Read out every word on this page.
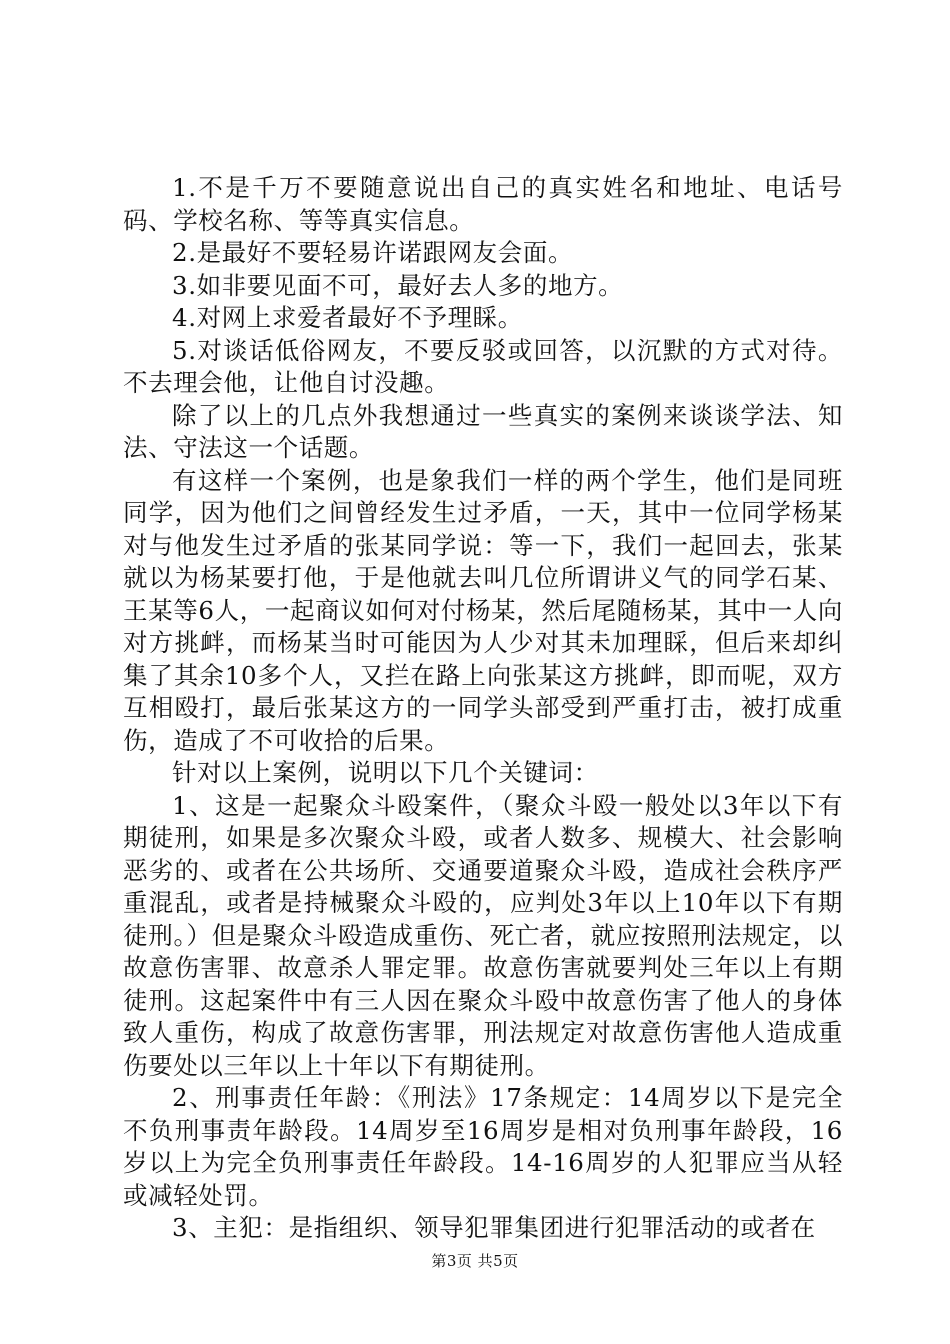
1.不是千万不要随意说出自己的真实姓名和地址、电话号码、学校名称、等等真实信息。

2.是最好不要轻易许诺跟网友会面。

3.如非要见面不可，最好去人多的地方。

4.对网上求爱者最好不予理睬。

5.对谈话低俗网友，不要反驳或回答，以沉默的方式对待。不去理会他，让他自讨没趣。

除了以上的几点外我想通过一些真实的案例来谈谈学法、知法、守法这一个话题。

有这样一个案例，也是象我们一样的两个学生，他们是同班同学，因为他们之间曾经发生过矛盾，一天，其中一位同学杨某对与他发生过矛盾的张某同学说：等一下，我们一起回去，张某就以为杨某要打他，于是他就去叫几位所谓讲义气的同学石某、王某等6人，一起商议如何对付杨某，然后尾随杨某，其中一人向对方挑衅，而杨某当时可能因为人少对其未加理睬，但后来却纠集了其余10多个人，又拦在路上向张某这方挑衅，即而呢，双方互相殴打，最后张某这方的一同学头部受到严重打击，被打成重伤，造成了不可收拾的后果。

针对以上案例，说明以下几个关键词：

1、这是一起聚众斗殴案件，（聚众斗殴一般处以3年以下有期徒刑，如果是多次聚众斗殴，或者人数多、规模大、社会影响恶劣的、或者在公共场所、交通要道聚众斗殴，造成社会秩序严重混乱，或者是持械聚众斗殴的，应判处3年以上10年以下有期徒刑。）但是聚众斗殴造成重伤、死亡者，就应按照刑法规定，以故意伤害罪、故意杀人罪定罪。故意伤害就要判处三年以上有期徒刑。这起案件中有三人因在聚众斗殴中故意伤害了他人的身体致人重伤，构成了故意伤害罪，刑法规定对故意伤害他人造成重伤要处以三年以上十年以下有期徒刑。

2、刑事责任年龄：《刑法》17条规定：14周岁以下是完全不负刑事责年龄段。14周岁至16周岁是相对负刑事年龄段，16岁以上为完全负刑事责任年龄段。14-16周岁的人犯罪应当从轻或减轻处罚。

3、主犯：是指组织、领导犯罪集团进行犯罪活动的或者在

第3页 共5页
